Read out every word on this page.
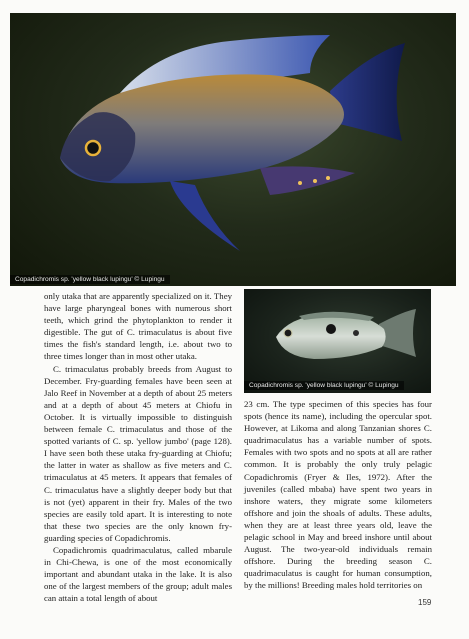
Copadichromis sp. 'yellow black lupingu' © Lupingu
Copadichromis sp. 'yellow black lupingu' © Lupingu

only utaka that are apparently specialized on it. They have large pharyngeal bones with numerous short teeth, which grind the phytoplankton to render it digestible. The gut of C. trimaculatus is about five times the fish's standard length, i.e. about two to three times longer than in most other utaka.

C. trimaculatus probably breeds from August to December. Fry-guarding females have been seen at Jalo Reef in November at a depth of about 25 meters and at a depth of about 45 meters at Chiofu in October. It is virtually impossible to distinguish between female C. trimaculatus and those of the spotted variants of C. sp. 'yellow jumbo' (page 128). I have seen both these utaka fry-guarding at Chiofu; the latter in water as shallow as five meters and C. trimaculatus at 45 meters. It appears that females of C. trimaculatus have a slightly deeper body but that is not (yet) apparent in their fry. Males of the two species are easily told apart. It is interesting to note that these two species are the only known fry-guarding species of Copadichromis.

Copadichromis quadrimaculatus, called mbarule in Chi-Chewa, is one of the most economically important and abundant utaka in the lake. It is also one of the largest members of the group; adult males can attain a total length of about

23 cm. The type specimen of this species has four spots (hence its name), including the opercular spot. However, at Likoma and along Tanzanian shores C. quadrimaculatus has a variable number of spots. Females with two spots and no spots at all are rather common. It is probably the only truly pelagic Copadichromis (Fryer & Iles, 1972). After the juveniles (called mbaba) have spent two years in inshore waters, they migrate some kilometers offshore and join the shoals of adults. These adults, when they are at least three years old, leave the pelagic school in May and breed inshore until about August. The two-year-old individuals remain offshore. During the breeding season C. quadrimaculatus is caught for human consumption, by the millions! Breeding males hold territories on

159
